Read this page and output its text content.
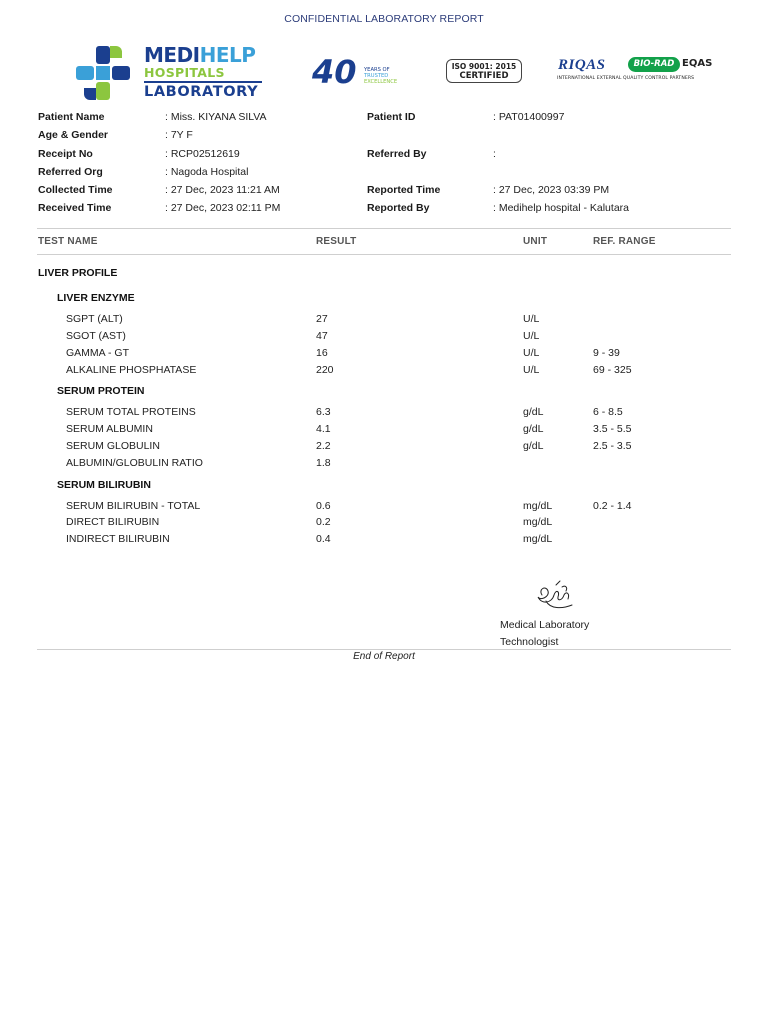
CONFIDENTIAL LABORATORY REPORT
MEDIHELP
HOSPITALS
LABORATORY
40 YEARS OF
TRUSTED
EXCELLENCE
ISO 9001: 2015
CERTIFIED
RIQAS	BIO-RAD EQAS
INTERNATIONAL EXTERNAL QUALITY CONTROL PARTNERS
Patient Name	: Miss. KIYANA SILVA
Age & Gender	: 7Y F
Receipt No	: RCP02512619
Referred Org	: Nagoda Hospital
Collected Time	: 27 Dec, 2023 11:21 AM
Received Time	: 27 Dec, 2023 02:11 PM
Patient ID	: PAT01400997
Referred By	:
Reported Time	: 27 Dec, 2023 03:39 PM
Reported By	: Medihelp hospital - Kalutara
TEST NAME	RESULT	UNIT	REF. RANGE
LIVER PROFILE
LIVER ENZYME
SGPT (ALT)	27	U/L
SGOT (AST)	47	U/L
GAMMA - GT	16	U/L	9 - 39
ALKALINE PHOSPHATASE	220	U/L	69 - 325
SERUM PROTEIN
SERUM TOTAL PROTEINS	6.3	g/dL	6 - 8.5
SERUM ALBUMIN	4.1	g/dL	3.5 - 5.5
SERUM GLOBULIN	2.2	g/dL	2.5 - 3.5
ALBUMIN/GLOBULIN RATIO	1.8
SERUM BILIRUBIN
SERUM BILIRUBIN - TOTAL	0.6	mg/dL	0.2 - 1.4
DIRECT BILIRUBIN	0.2	mg/dL
INDIRECT BILIRUBIN	0.4	mg/dL
Medical Laboratory
Technologist
End of Report
